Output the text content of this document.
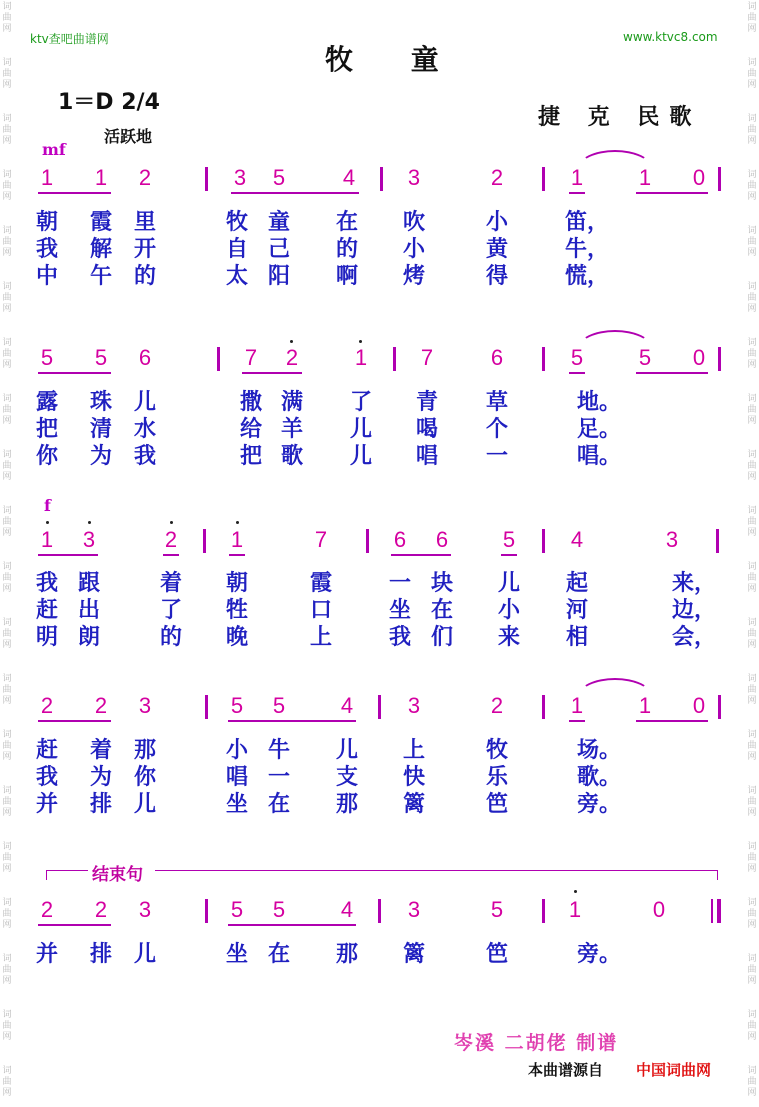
词
曲
网
词
曲
网
词
曲
网
词
曲
网
词
曲
网
词
曲
网
词
曲
网
词
曲
网
词
曲
网
词
曲
网
词
曲
网
词
曲
网
词
曲
网
词
曲
网
词
曲
网
词
曲
网
词
曲
网
词
曲
网
词
曲
网
词
曲
网
词
曲
网
词
曲
网
词
曲
网
词
曲
网
词
曲
网
词
曲
网
词
曲
网
词
曲
网
词
曲
网
词
曲
网
词
曲
网
词
曲
网
词
曲
网
词
曲
网
词
曲
网
词
曲
网
词
曲
网
词
曲
网
词
曲
网
词
曲
网
ktv查吧曲谱网	www.ktvc8.com
牧 童
1＝D 2/4
捷 克 民歌
活跃地
mf
f
1 1 2	3 5	4 3	2	1	1 0
朝 霞 里	牧 童 在 吹	小	笛，
我 解 开	自 己 的 小	黄	牛，
中 午 的	太 阳 啊 烤	得	慌，
5 5 6	7 2	1 7	6	5	5 0
露 珠 儿	撒 满 了 青 草	地。
把 清 水	给 羊 儿 喝 个	足。
你 为 我	把 歌 儿 唱 一	唱。
1 3	2 1	7	6 6 5	4	3
我 跟	着 朝	霞	一 块 儿 起	来，
赶 出	了 牲	口	坐 在 小 河	边，
明 朗	的 晚	上	我 们 来 相	会，
2 2 3	5 5	4 3	2	1	1 0
赶 着 那	小 牛 儿 上	牧	场。
我 为 你	唱 一 支 快	乐	歌。
并 排 儿	坐 在 那 篱	笆	旁。
结束句
2 2 3	5 5	4 3	5	1	0
并 排 儿	坐 在 那 篱	笆	旁。
岑溪 二胡佬 制谱
本曲谱源自 中国词曲网
